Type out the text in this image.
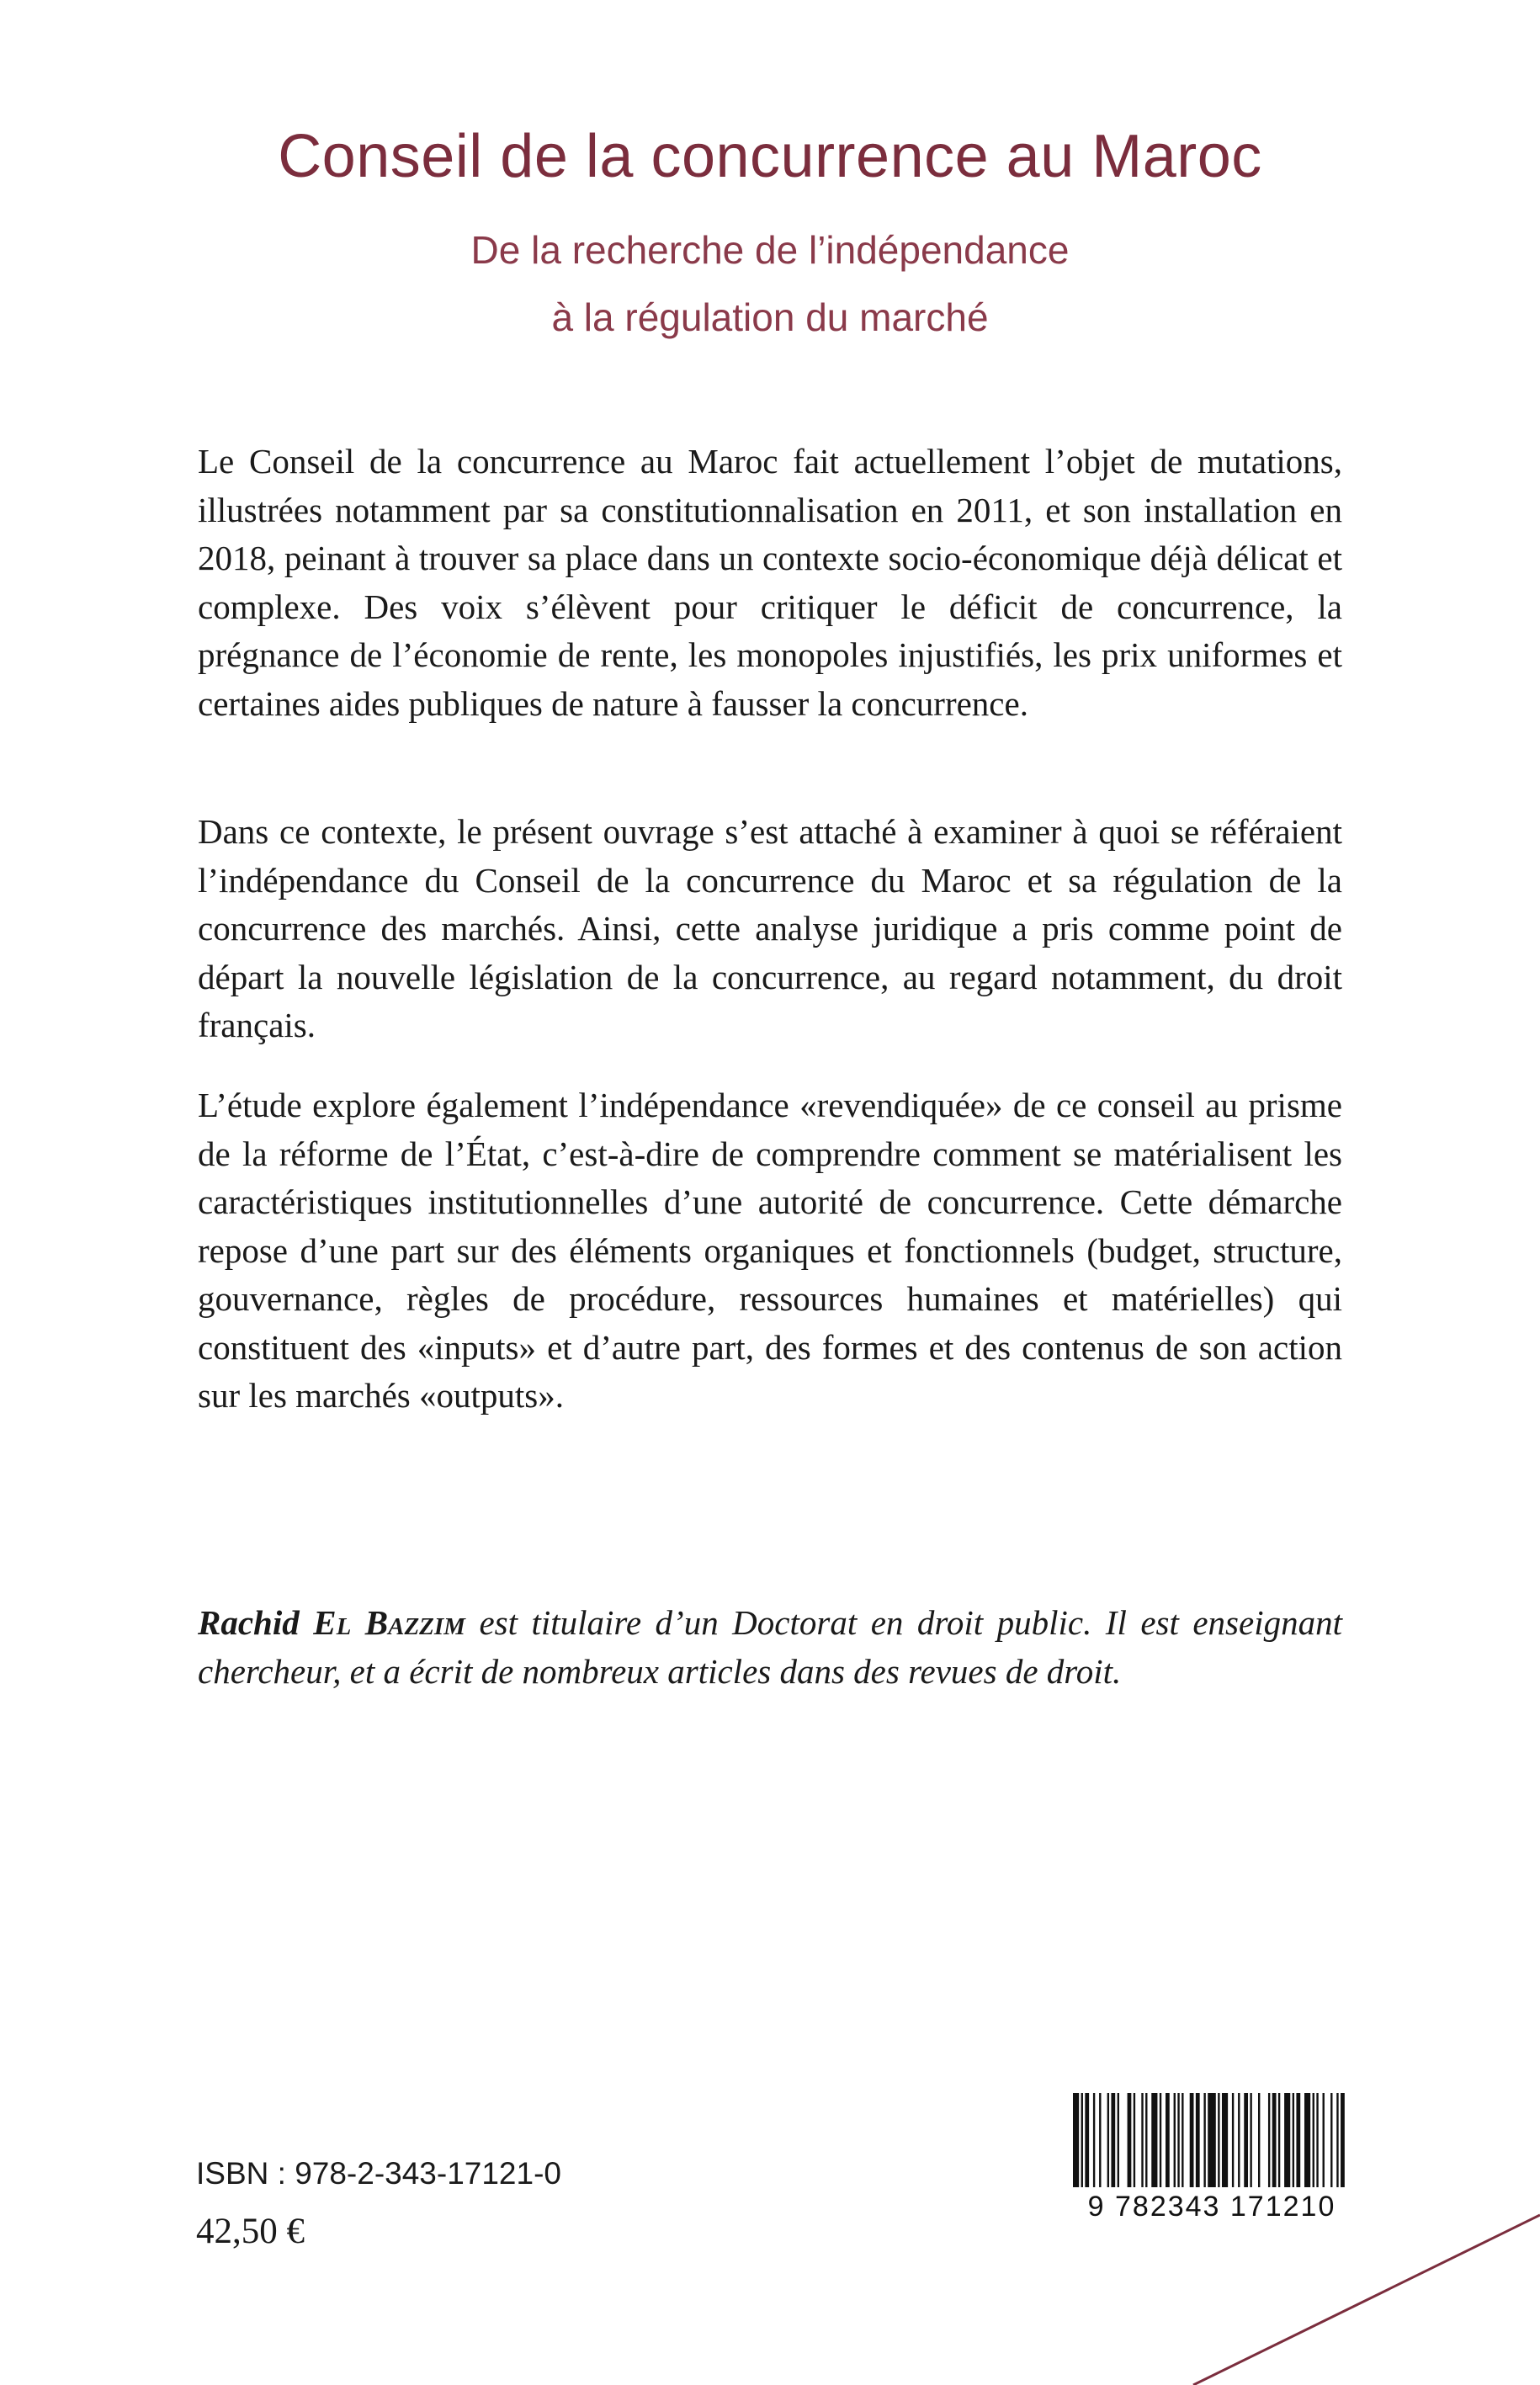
Conseil de la concurrence au Maroc
De la recherche de l’indépendance
à la régulation du marché

Le Conseil de la concurrence au Maroc fait actuellement l’objet de mutations, illustrées notamment par sa constitutionnalisation en 2011, et son installation en 2018, peinant à trouver sa place dans un contexte socio-économique déjà délicat et complexe. Des voix s’élèvent pour critiquer le déficit de concurrence, la prégnance de l’économie de rente, les monopoles injustifiés, les prix uniformes et certaines aides publiques de nature à fausser la concurrence.

Dans ce contexte, le présent ouvrage s’est attaché à examiner à quoi se référaient l’indépendance du Conseil de la concurrence du Maroc et sa régulation de la concurrence des marchés. Ainsi, cette analyse juridique a pris comme point de départ la nouvelle législation de la concurrence, au regard notamment, du droit français.

L’étude explore également l’indépendance «revendiquée» de ce conseil au prisme de la réforme de l’État, c’est-à-dire de comprendre comment se matérialisent les caractéristiques institutionnelles d’une autorité de concurrence. Cette démarche repose d’une part sur des éléments organiques et fonctionnels (budget, structure, gouvernance, règles de procédure, ressources humaines et matérielles) qui constituent des «inputs» et d’autre part, des formes et des contenus de son action sur les marchés «outputs».

Rachid El Bazzim est titulaire d’un Doctorat en droit public. Il est enseignant chercheur, et a écrit de nombreux articles dans des revues de droit.

ISBN : 978-2-343-17121-0
42,50 €
9 782343 171210
